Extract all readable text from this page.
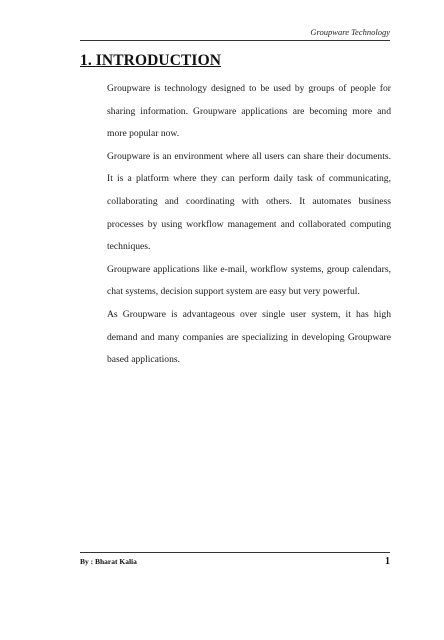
Groupware Technology
1. INTRODUCTION

Groupware is technology designed to be used by groups of people for sharing information. Groupware applications are becoming more and more popular now.

Groupware is an environment where all users can share their documents. It is a platform where they can perform daily task of communicating, collaborating and coordinating with others. It automates business processes by using workflow management and collaborated computing techniques.

Groupware applications like e-mail, workflow systems, group calendars, chat systems, decision support system are easy but very powerful.

As Groupware is advantageous over single user system, it has high demand and many companies are specializing in developing Groupware based applications.

By : Bharat Kalia	1
